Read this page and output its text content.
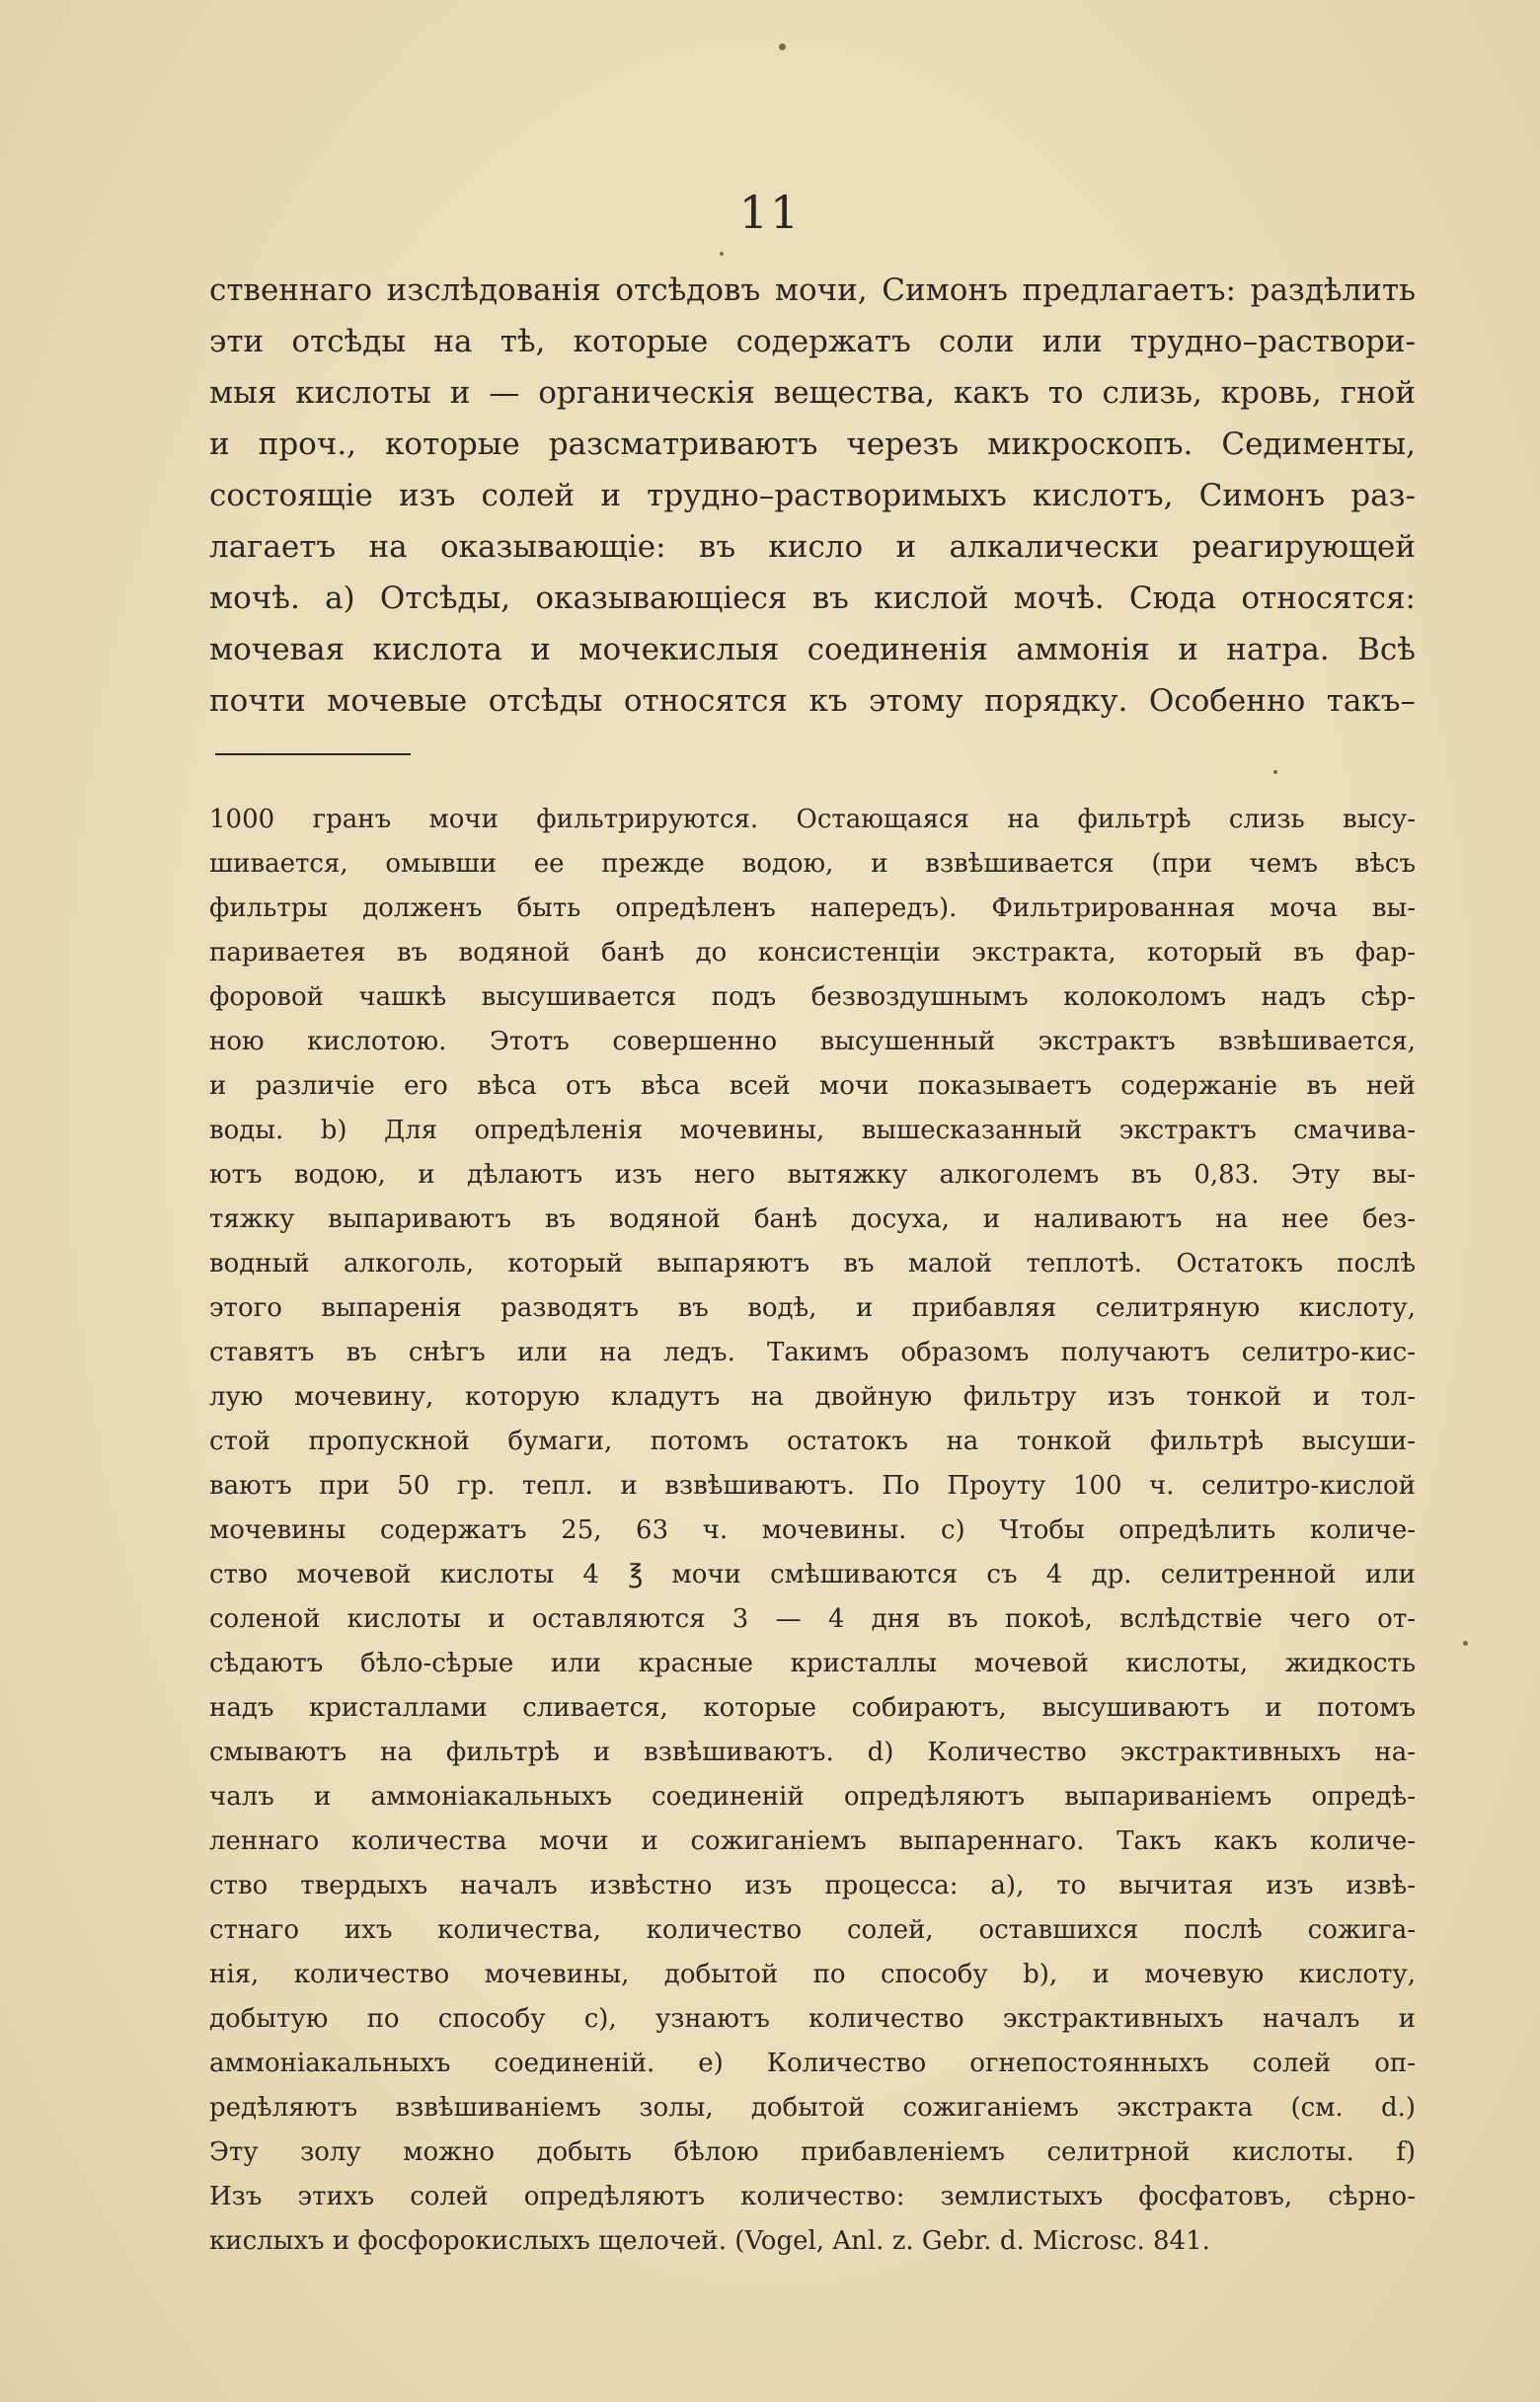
11
ственнаго изслѣдованія отсѣдовъ мочи, Симонъ предлагаетъ: раздѣлить
эти отсѣды на тѣ, которые содержатъ соли или трудно–раствори-
мыя кислоты и — органическія вещества, какъ то слизь, кровь, гной
и проч., которые разсматриваютъ черезъ микроскопъ. Седименты,
состоящіе изъ солей и трудно–растворимыхъ кислотъ, Симонъ раз-
лагаетъ на оказывающіе: въ кисло и алкалически реагирующей
мочѣ. a) Отсѣды, оказывающіеся въ кислой мочѣ. Сюда относятся:
мочевая кислота и мочекислыя соединенія аммонія и натра. Всѣ
почти мочевые отсѣды относятся къ этому порядку. Особенно такъ–
1000 гранъ мочи фильтрируются. Остающаяся на фильтрѣ слизь высу-
шивается, омывши ее прежде водою, и взвѣшивается (при чемъ вѣсъ
фильтры долженъ быть опредѣленъ напередъ). Фильтрированная моча вы-
париваетея въ водяной банѣ до консистенціи экстракта, который въ фар-
форовой чашкѣ высушивается подъ безвоздушнымъ колоколомъ надъ сѣр-
ною кислотою. Этотъ совершенно высушенный экстрактъ взвѣшивается,
и различіе его вѣса отъ вѣса всей мочи показываетъ содержаніе въ ней
воды. b) Для опредѣленія мочевины, вышесказанный экстрактъ смачива-
ютъ водою, и дѣлаютъ изъ него вытяжку алкоголемъ въ 0,83. Эту вы-
тяжку выпариваютъ въ водяной банѣ досуха, и наливаютъ на нее без-
водный алкоголь, который выпаряютъ въ малой теплотѣ. Остатокъ послѣ
этого выпаренія разводятъ въ водѣ, и прибавляя селитряную кислоту,
ставятъ въ снѣгъ или на ледъ. Такимъ образомъ получаютъ селитро-кис-
лую мочевину, которую кладутъ на двойную фильтру изъ тонкой и тол-
стой пропускной бумаги, потомъ остатокъ на тонкой фильтрѣ высуши-
ваютъ при 50 гр. тепл. и взвѣшиваютъ. По Проуту 100 ч. селитро-кислой
мочевины содержатъ 25, 63 ч. мочевины. c) Чтобы опредѣлить количе-
ство мочевой кислоты 4 ℥ мочи смѣшиваются съ 4 др. селитренной или
соленой кислоты и оставляются 3 — 4 дня въ покоѣ, вслѣдствіе чего от-
сѣдаютъ бѣло-сѣрые или красные кристаллы мочевой кислоты, жидкость
надъ кристаллами сливается, которые собираютъ, высушиваютъ и потомъ
смываютъ на фильтрѣ и взвѣшиваютъ. d) Количество экстрактивныхъ на-
чалъ и аммоніакальныхъ соединеній опредѣляютъ выпариваніемъ опредѣ-
леннаго количества мочи и сожиганіемъ выпареннаго. Такъ какъ количе-
ство твердыхъ началъ извѣстно изъ процесса: a), то вычитая изъ извѣ-
стнаго ихъ количества, количество солей, оставшихся послѣ сожига-
нія, количество мочевины, добытой по способу b), и мочевую кислоту,
добытую по способу c), узнаютъ количество экстрактивныхъ началъ и
аммоніакальныхъ соединеній. e) Количество огнепостоянныхъ солей оп-
редѣляютъ взвѣшиваніемъ золы, добытой сожиганіемъ экстракта (см. d.)
Эту золу можно добыть бѣлою прибавленіемъ селитрной кислоты. f)
Изъ этихъ солей опредѣляютъ количество: землистыхъ фосфатовъ, сѣрно-
кислыхъ и фосфорокислыхъ щелочей. (Vogel, Anl. z. Gebr. d. Microsc. 841.
